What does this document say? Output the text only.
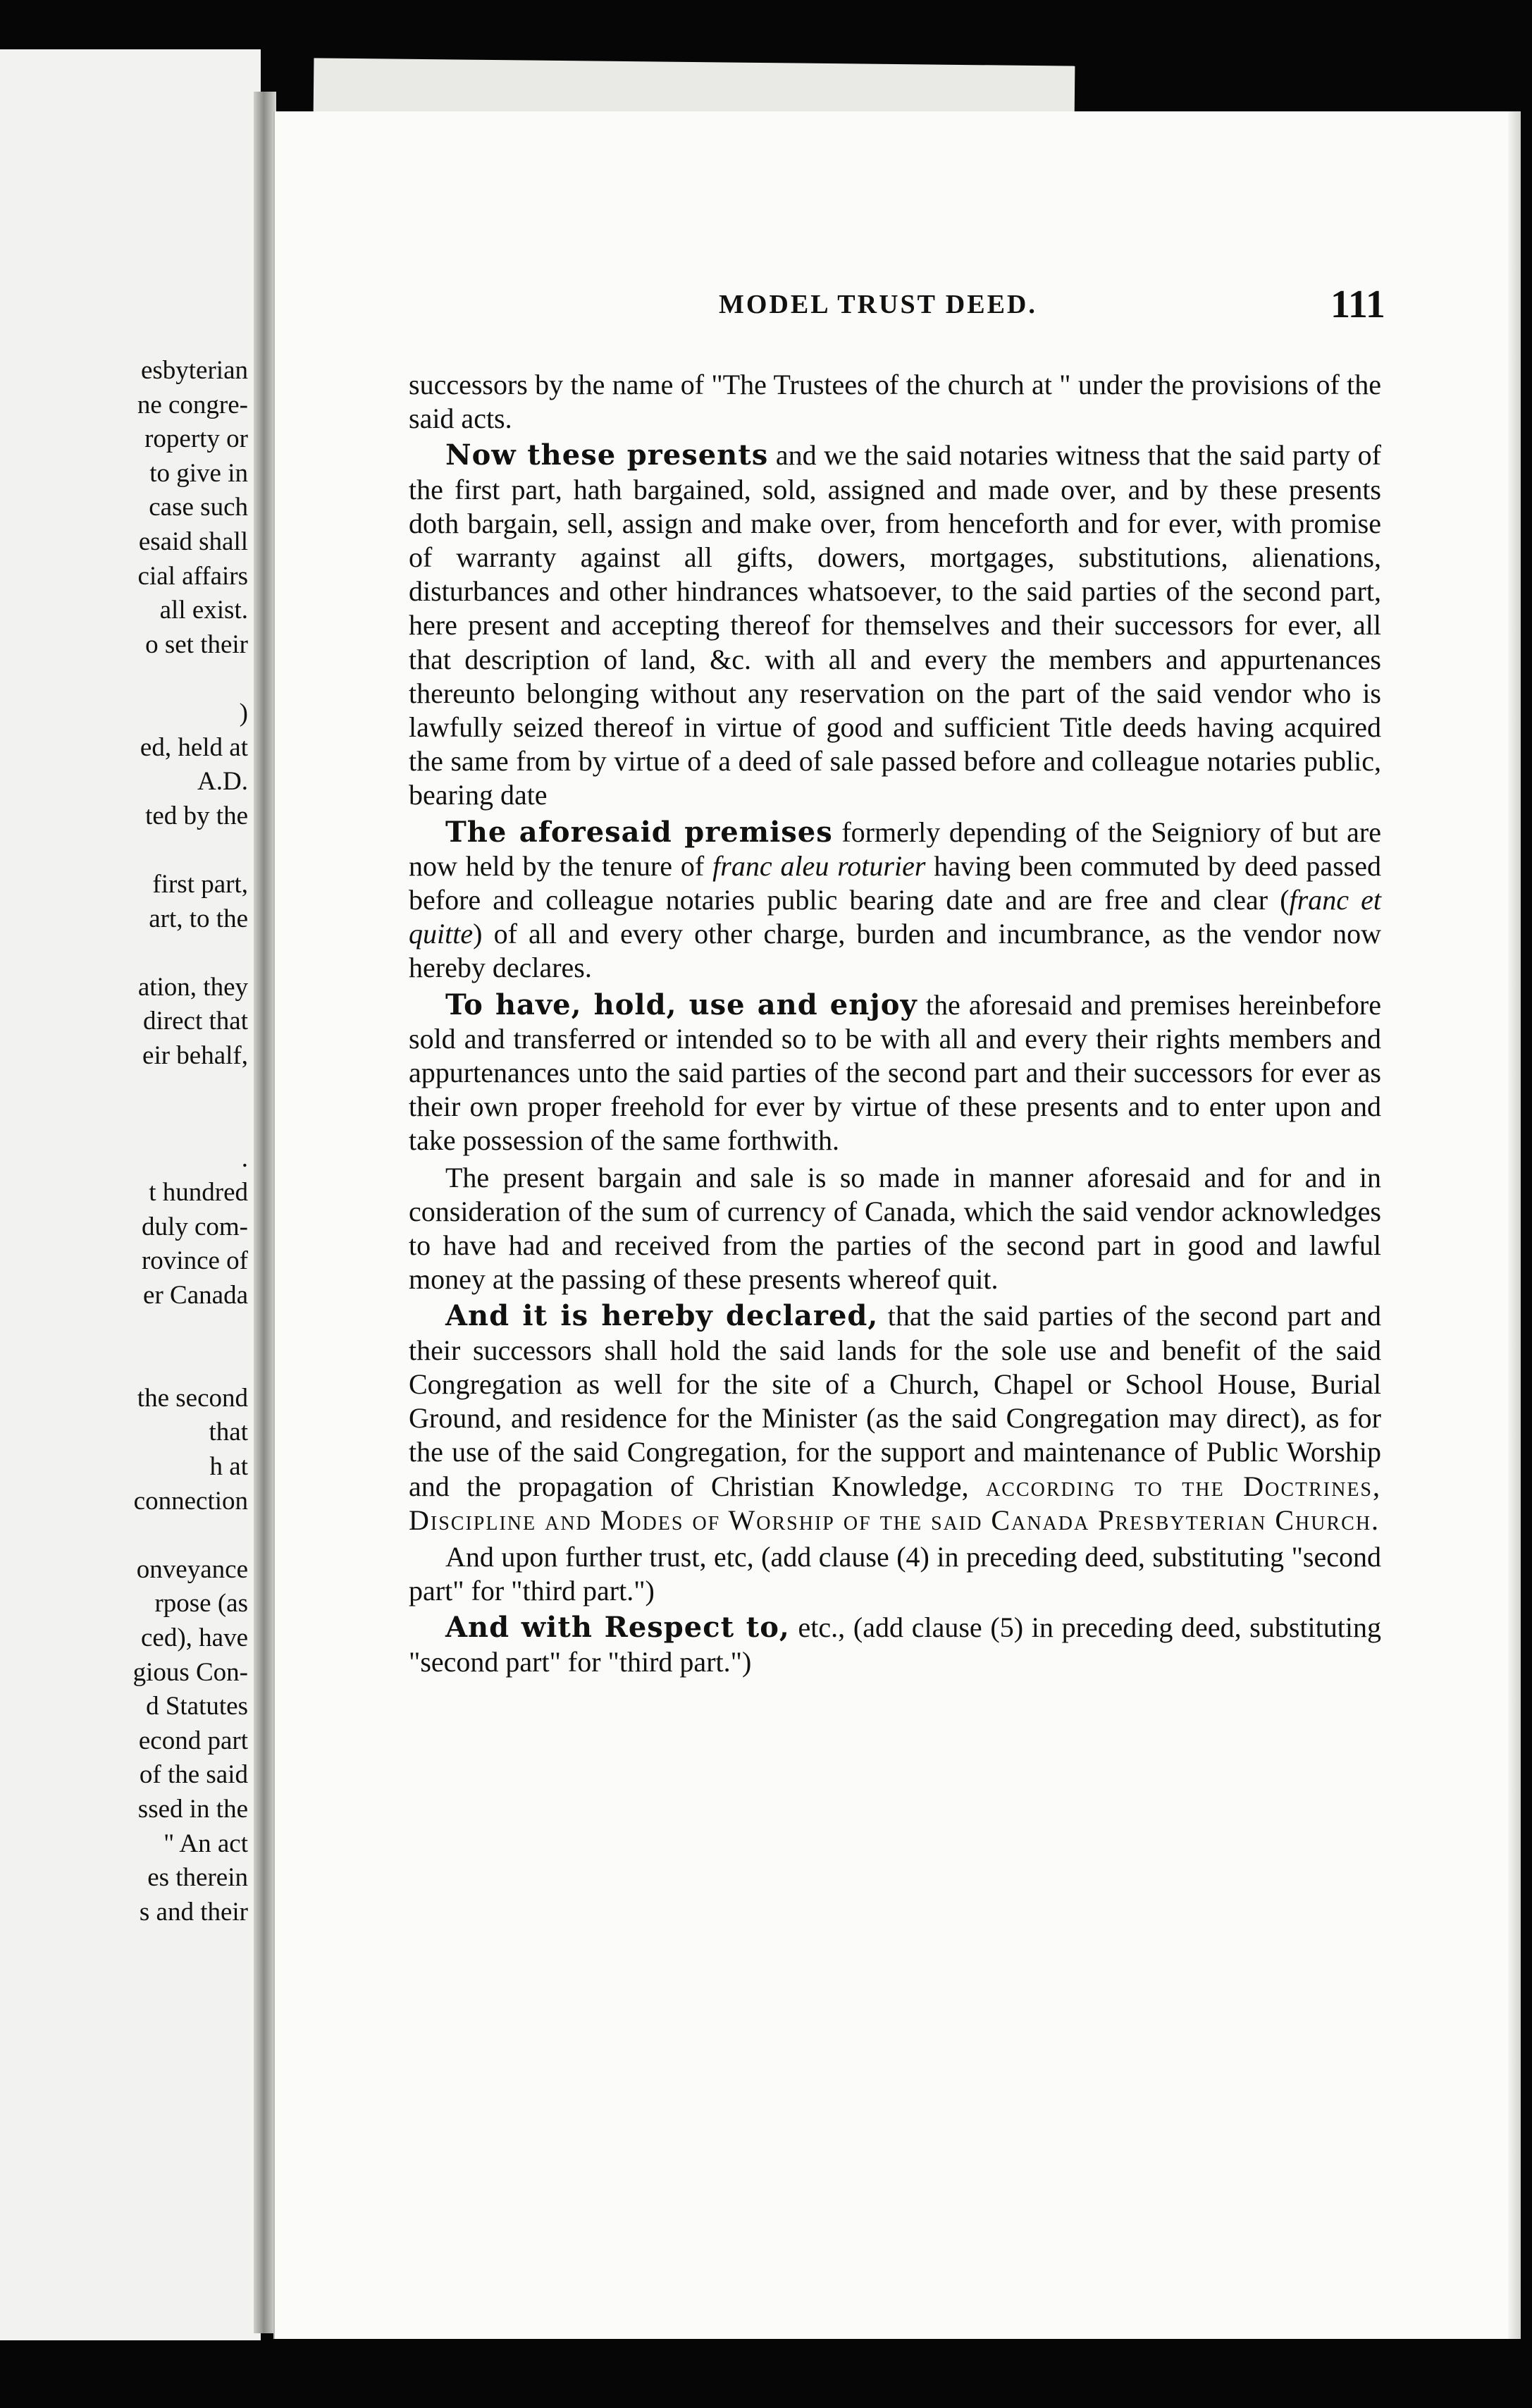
esbyterian
ne congre-
roperty or
to give in
case such
esaid shall
cial affairs
all exist.
o set their

)
ed, held at
A.D.
ted by the

first part,
art, to the

ation, they
direct that
eir behalf,

.
t hundred
duly com-
rovince of
er Canada

the second
that
h at
connection

onveyance
rpose (as
ced), have
gious Con-
d Statutes
econd part
of the said
ssed in the
" An act
es therein
s and their
MODEL TRUST DEED.	111

successors by the name of "The Trustees of the church at " under the provisions of the said acts.

Now these presents and we the said notaries witness that the said party of the first part, hath bargained, sold, assigned and made over, and by these presents doth bargain, sell, assign and make over, from henceforth and for ever, with promise of warranty against all gifts, dowers, mortgages, substitutions, alienations, disturbances and other hindrances whatsoever, to the said parties of the second part, here present and accepting thereof for themselves and their successors for ever, all that description of land, &c. with all and every the members and appurtenances thereunto belonging without any reservation on the part of the said vendor who is lawfully seized thereof in virtue of good and sufficient Title deeds having acquired the same from by virtue of a deed of sale passed before and colleague notaries public, bearing date

The aforesaid premises formerly depending of the Seigniory of but are now held by the tenure of franc aleu roturier having been commuted by deed passed before and colleague notaries public bearing date and are free and clear (franc et quitte) of all and every other charge, burden and incumbrance, as the vendor now hereby declares.

To have, hold, use and enjoy the aforesaid and premises hereinbefore sold and transferred or intended so to be with all and every their rights members and appurtenances unto the said parties of the second part and their successors for ever as their own proper freehold for ever by virtue of these presents and to enter upon and take possession of the same forthwith.

The present bargain and sale is so made in manner aforesaid and for and in consideration of the sum of currency of Canada, which the said vendor acknowledges to have had and received from the parties of the second part in good and lawful money at the passing of these presents whereof quit.

And it is hereby declared, that the said parties of the second part and their successors shall hold the said lands for the sole use and benefit of the said Congregation as well for the site of a Church, Chapel or School House, Burial Ground, and residence for the Minister (as the said Congregation may direct), as for the use of the said Congregation, for the support and maintenance of Public Worship and the propagation of Christian Knowledge, according to the Doctrines, Discipline and Modes of Worship of the said Canada Presbyterian Church.

And upon further trust, etc, (add clause (4) in preceding deed, substituting "second part" for "third part.")

And with Respect to, etc., (add clause (5) in preceding deed, substituting "second part" for "third part.")
